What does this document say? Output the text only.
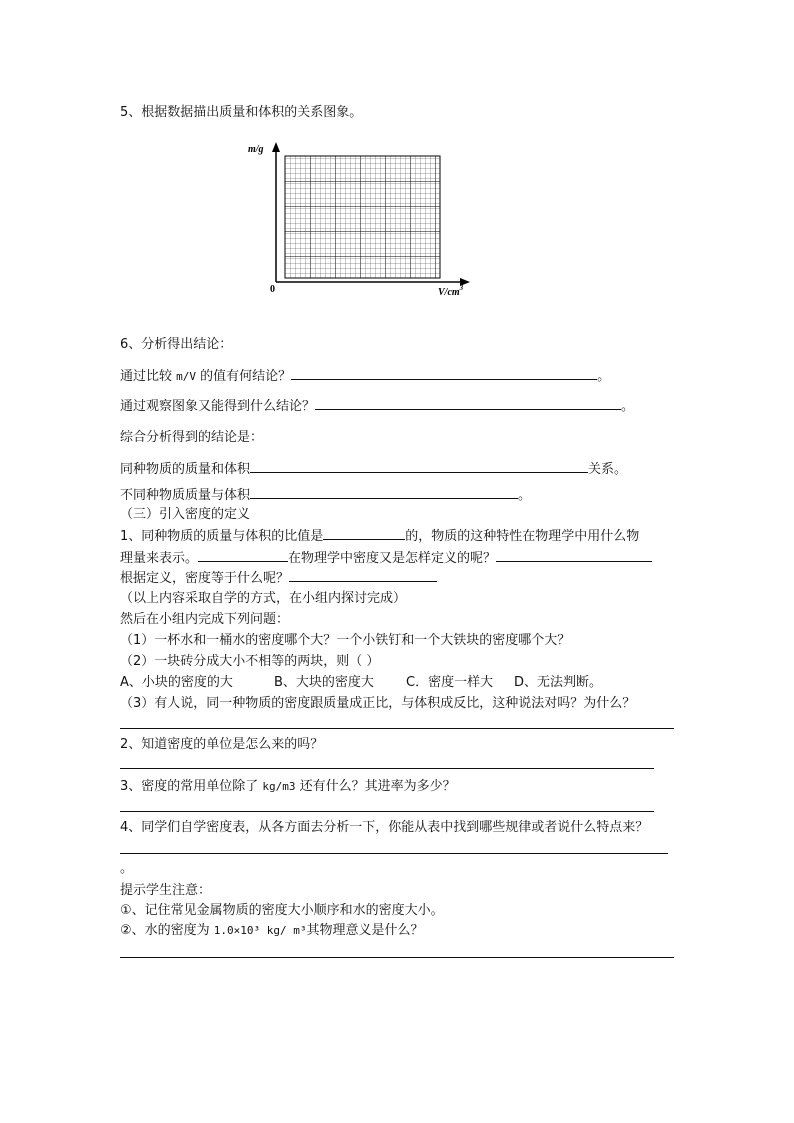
5、根据数据描出质量和体积的关系图象。
m/g
0	$V/cm^3$
6、分析得出结论：
通过比较 m/V 的值有何结论？	。
通过观察图象又能得到什么结论？	。
综合分析得到的结论是：
同种物质的质量和体积	关系。
不同种物质质量与体积	。
（三）引入密度的定义
1、同种物质的质量与体积的比值是	的，物质的这种特性在物理学中用什么物
理量来表示。	在物理学中密度又是怎样定义的呢？
根据定义，密度等于什么呢？
（以上内容采取自学的方式，在小组内探讨完成）
然后在小组内完成下列问题：
（1）一杯水和一桶水的密度哪个大？一个小铁钉和一个大铁块的密度哪个大？
（2）一块砖分成大小不相等的两块，则（ ）
A、小块的密度的大	B、大块的密度大 C．密度一样大 D、无法判断。
（3）有人说，同一种物质的密度跟质量成正比，与体积成反比，这种说法对吗？为什么？
2、知道密度的单位是怎么来的吗？
3、密度的常用单位除了 kg/m3 还有什么？其进率为多少？
4、同学们自学密度表，从各方面去分析一下，你能从表中找到哪些规律或者说什么特点来？
。
提示学生注意：
①、记住常见金属物质的密度大小顺序和水的密度大小。
②、水的密度为 1.0×10³ kg/ m³其物理意义是什么？
